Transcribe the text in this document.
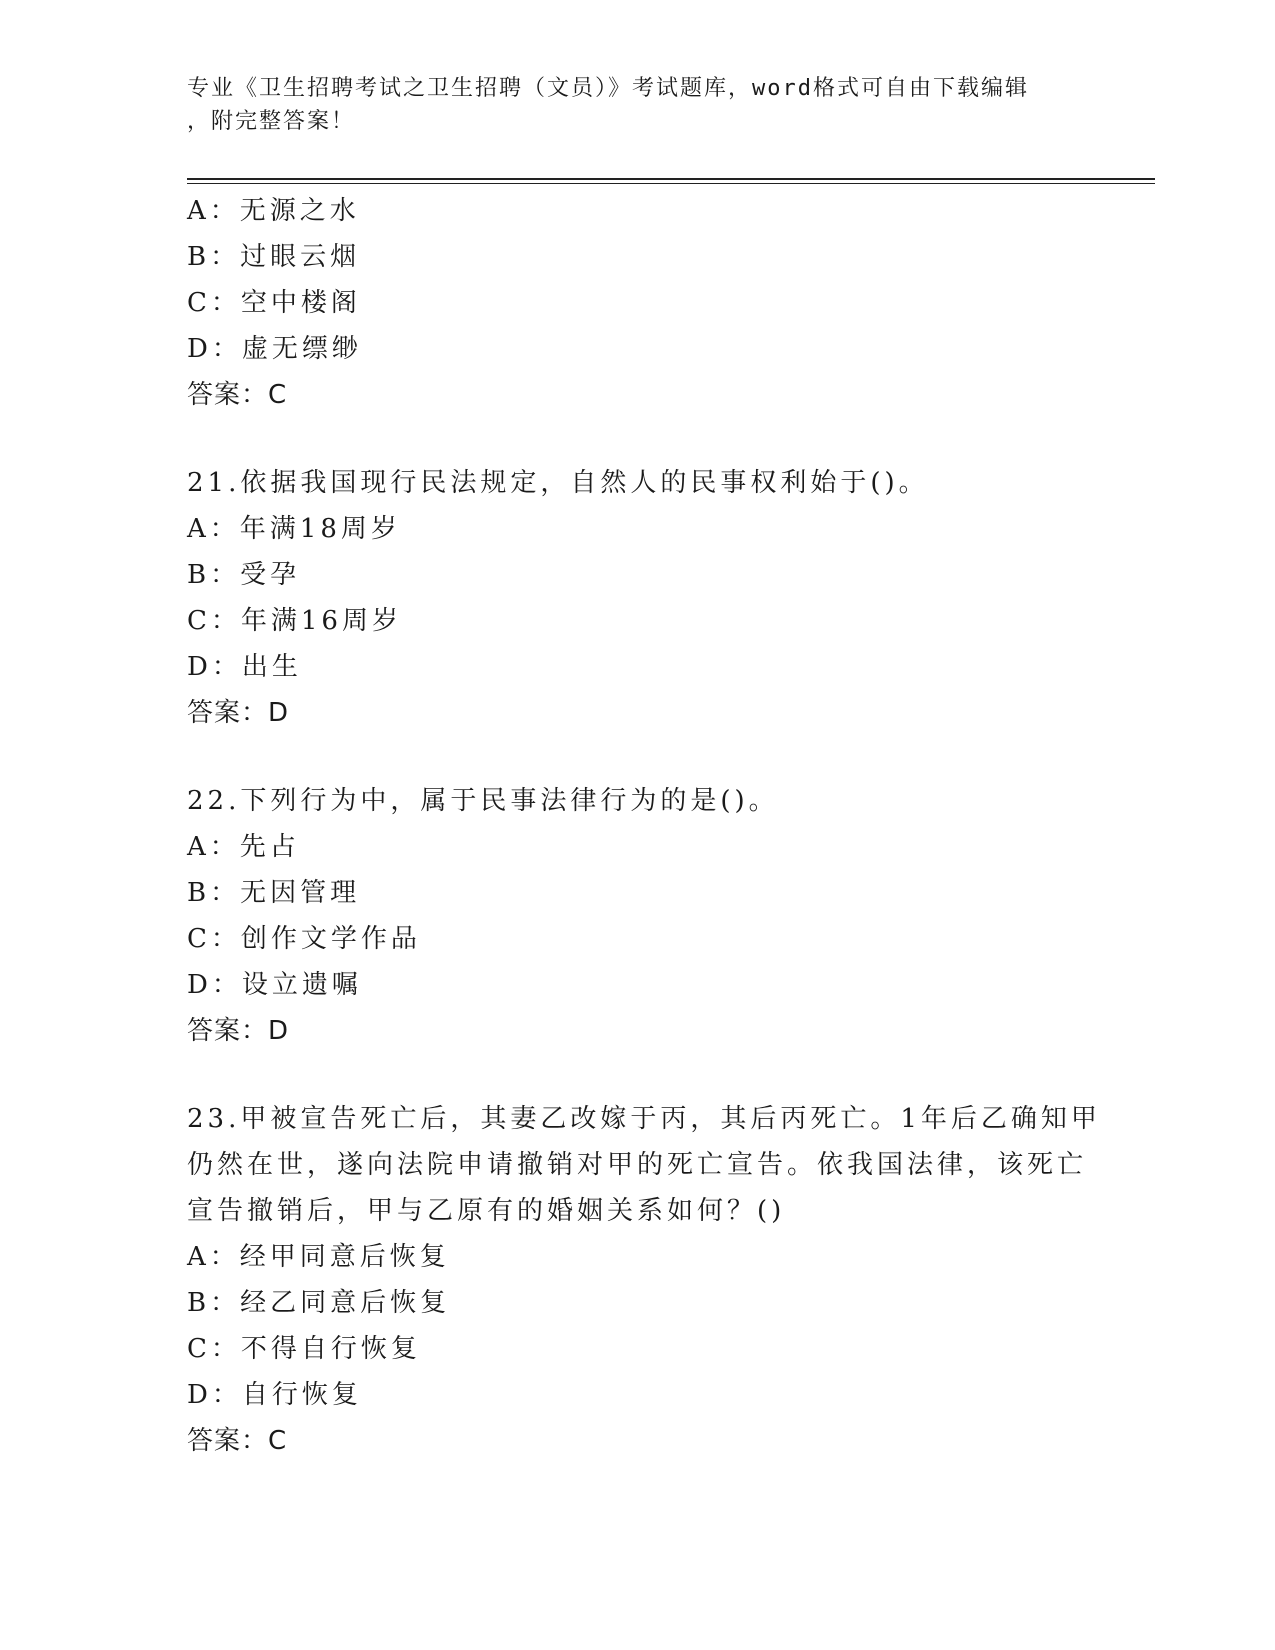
专业《卫生招聘考试之卫生招聘（文员）》考试题库，word格式可自由下载编辑
，附完整答案！
A：无源之水
B：过眼云烟
C：空中楼阁
D：虚无缥缈
答案：C
21.依据我国现行民法规定，自然人的民事权利始于()。
A：年满18周岁
B：受孕
C：年满16周岁
D：出生
答案：D
22.下列行为中，属于民事法律行为的是()。
A：先占
B：无因管理
C：创作文学作品
D：设立遗嘱
答案：D
23.甲被宣告死亡后，其妻乙改嫁于丙，其后丙死亡。1年后乙确知甲
仍然在世，遂向法院申请撤销对甲的死亡宣告。依我国法律，该死亡
宣告撤销后，甲与乙原有的婚姻关系如何？()
A：经甲同意后恢复
B：经乙同意后恢复
C：不得自行恢复
D：自行恢复
答案：C
